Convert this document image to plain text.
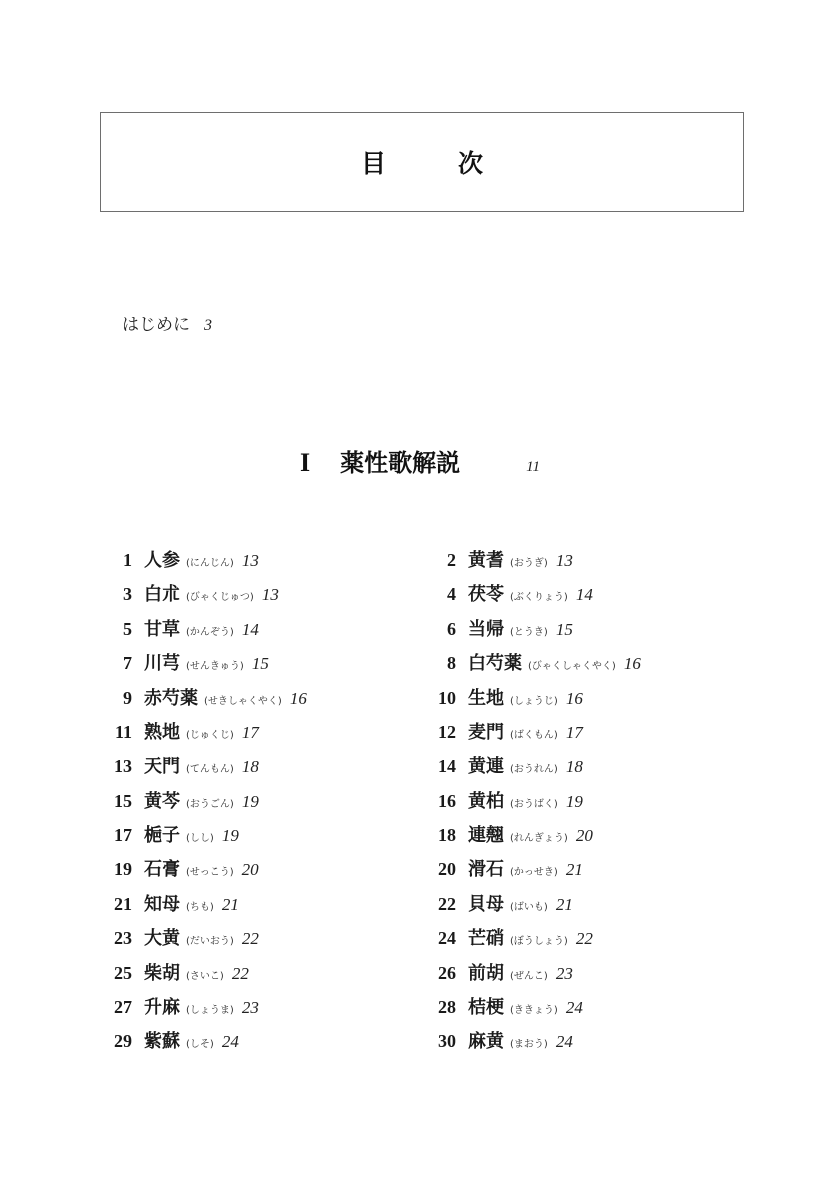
目	次
はじめに 3
I 薬性歌解説	11
1 人参 (にんじん) 13	2 黄耆 (おうぎ) 13
3 白朮 (びゃくじゅつ) 13	4 茯苓 (ぶくりょう) 14
5 甘草 (かんぞう) 14	6 当帰 (とうき) 15
7 川芎 (せんきゅう) 15	8 白芍薬 (びゃくしゃくやく) 16
9 赤芍薬 (せきしゃくやく) 16	10 生地 (しょうじ) 16
11 熟地 (じゅくじ) 17	12 麦門 (ばくもん) 17
13 天門 (てんもん) 18	14 黄連 (おうれん) 18
15 黄芩 (おうごん) 19	16 黄柏 (おうばく) 19
17 梔子 (しし) 19	18 連翹 (れんぎょう) 20
19 石膏 (せっこう) 20	20 滑石 (かっせき) 21
21 知母 (ちも) 21	22 貝母 (ばいも) 21
23 大黄 (だいおう) 22	24 芒硝 (ぼうしょう) 22
25 柴胡 (さいこ) 22	26 前胡 (ぜんこ) 23
27 升麻 (しょうま) 23	28 桔梗 (ききょう) 24
29 紫蘇 (しそ) 24	30 麻黄 (まおう) 24
